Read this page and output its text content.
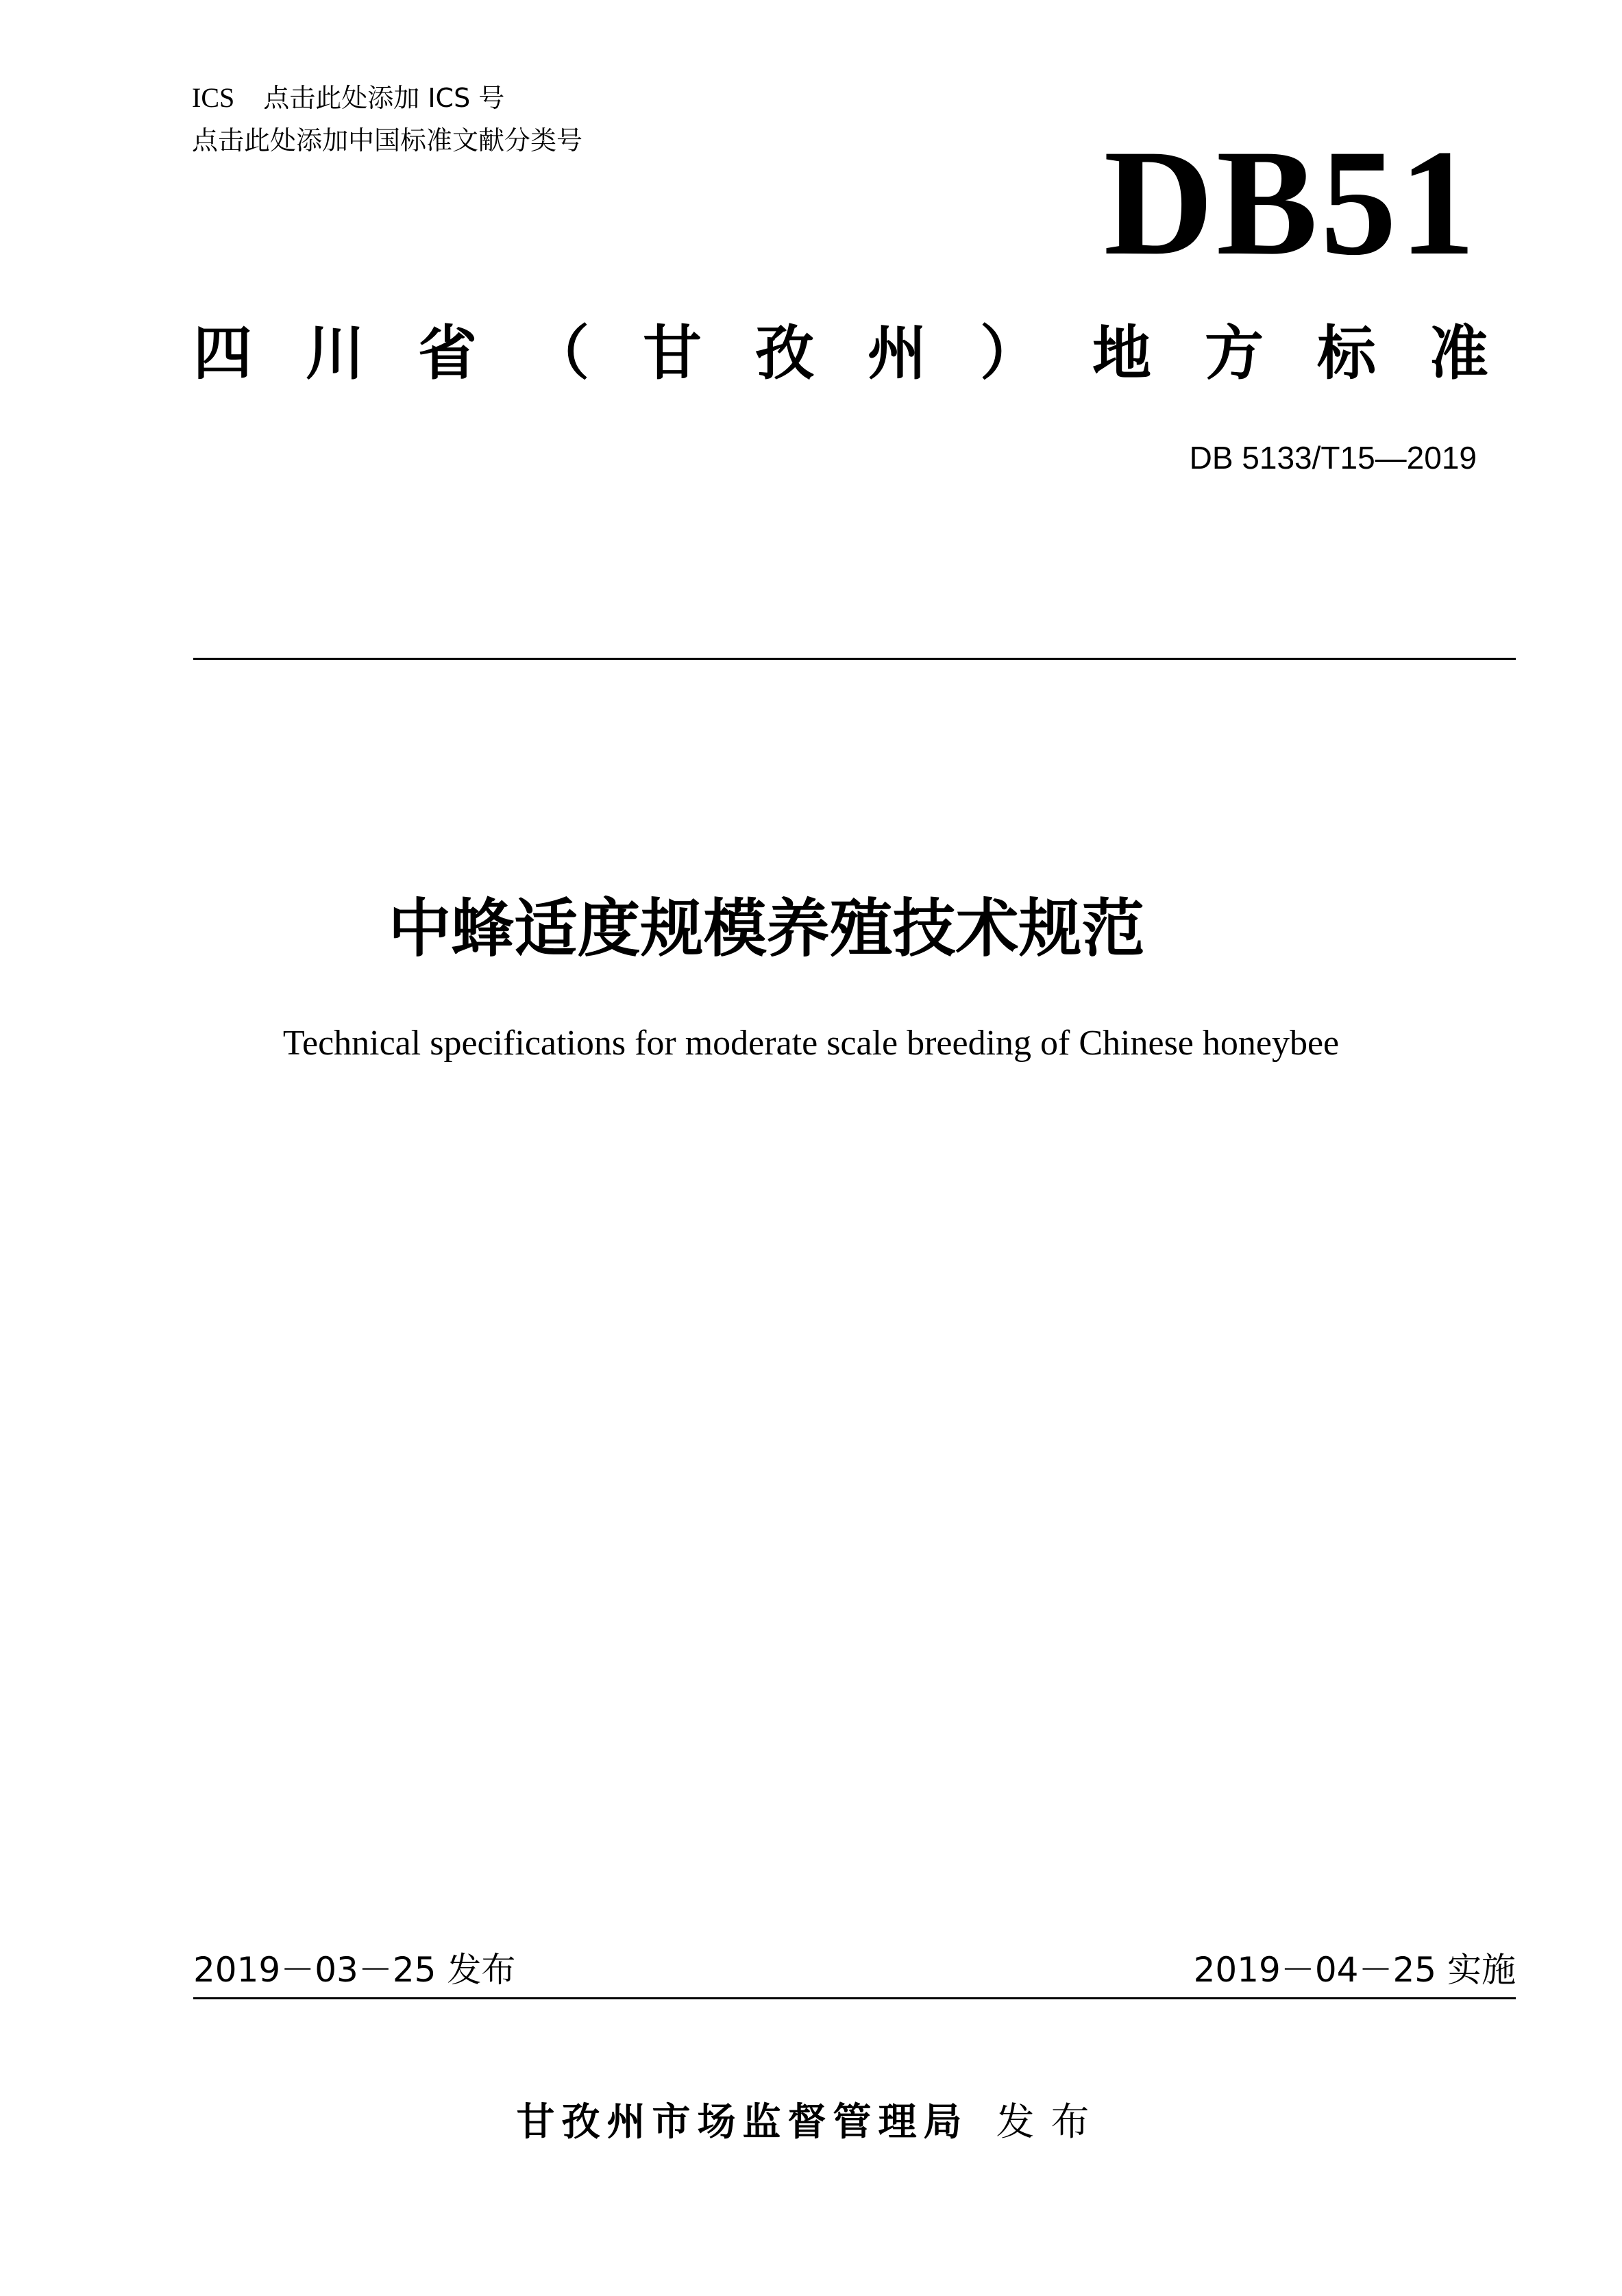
ICS 点击此处添加 ICS 号
点击此处添加中国标准文献分类号	DB51
四 川 省 （ 甘 孜 州 ） 地 方 标 准
DB 5133/T15—2019
中蜂适度规模养殖技术规范
Technical specifications for moderate scale breeding of Chinese honeybee
2019－03－25 发布	2019－04－25 实施
甘孜州市场监督管理局 发布
